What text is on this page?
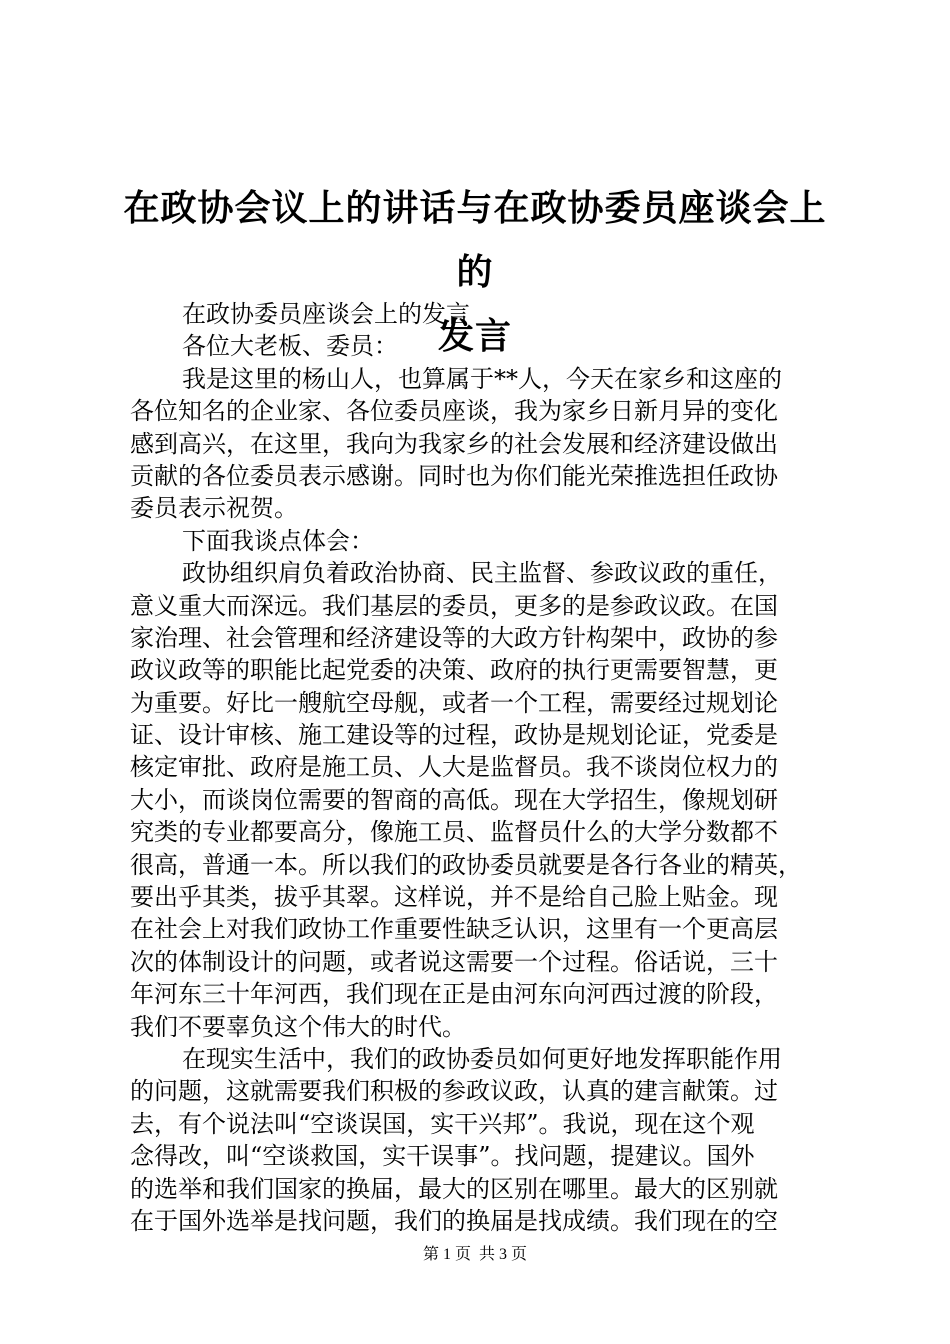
在政协会议上的讲话与在政协委员座谈会上的
发言
在政协委员座谈会上的发言
各位大老板、委员：
我是这里的杨山人，也算属于**人，今天在家乡和这座的
各位知名的企业家、各位委员座谈，我为家乡日新月异的变化
感到高兴，在这里，我向为我家乡的社会发展和经济建设做出
贡献的各位委员表示感谢。同时也为你们能光荣推选担任政协
委员表示祝贺。
下面我谈点体会：
政协组织肩负着政治协商、民主监督、参政议政的重任，
意义重大而深远。我们基层的委员，更多的是参政议政。在国
家治理、社会管理和经济建设等的大政方针构架中，政协的参
政议政等的职能比起党委的决策、政府的执行更需要智慧，更
为重要。好比一艘航空母舰，或者一个工程，需要经过规划论
证、设计审核、施工建设等的过程，政协是规划论证，党委是
核定审批、政府是施工员、人大是监督员。我不谈岗位权力的
大小，而谈岗位需要的智商的高低。现在大学招生，像规划研
究类的专业都要高分，像施工员、监督员什么的大学分数都不
很高，普通一本。所以我们的政协委员就要是各行各业的精英，
要出乎其类，拔乎其翠。这样说，并不是给自己脸上贴金。现
在社会上对我们政协工作重要性缺乏认识，这里有一个更高层
次的体制设计的问题，或者说这需要一个过程。俗话说，三十
年河东三十年河西，我们现在正是由河东向河西过渡的阶段，
我们不要辜负这个伟大的时代。
在现实生活中，我们的政协委员如何更好地发挥职能作用
的问题，这就需要我们积极的参政议政，认真的建言献策。过
去，有个说法叫“空谈误国，实干兴邦”。我说，现在这个观
念得改，叫“空谈救国，实干误事”。找问题，提建议。国外
的选举和我们国家的换届，最大的区别在哪里。最大的区别就
在于国外选举是找问题，我们的换届是找成绩。我们现在的空
第 1 页  共 3 页
